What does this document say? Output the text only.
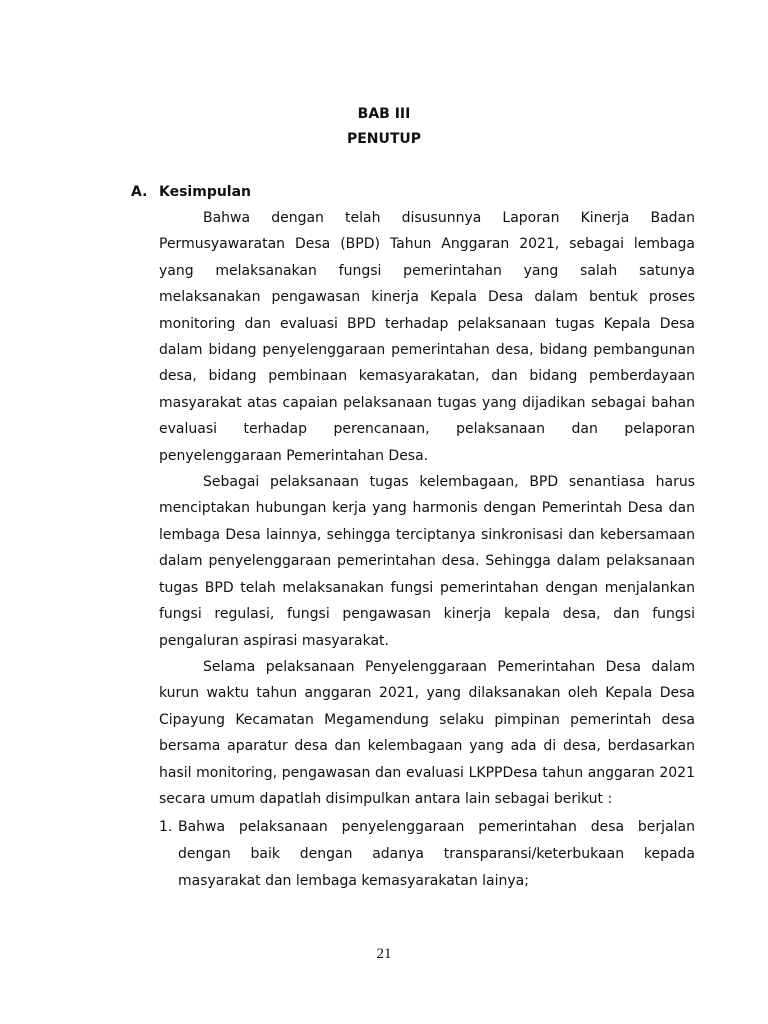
BAB III
PENUTUP
A. Kesimpulan

Bahwa dengan telah disusunnya Laporan Kinerja Badan Permusyawaratan Desa (BPD) Tahun Anggaran 2021, sebagai lembaga yang melaksanakan fungsi pemerintahan yang salah satunya melaksanakan pengawasan kinerja Kepala Desa dalam bentuk proses monitoring dan evaluasi BPD terhadap pelaksanaan tugas Kepala Desa dalam bidang penyelenggaraan pemerintahan desa, bidang pembangunan desa, bidang pembinaan kemasyarakatan, dan bidang pemberdayaan masyarakat atas capaian pelaksanaan tugas yang dijadikan sebagai bahan evaluasi terhadap perencanaan, pelaksanaan dan pelaporan penyelenggaraan Pemerintahan Desa.

Sebagai pelaksanaan tugas kelembagaan, BPD senantiasa harus menciptakan hubungan kerja yang harmonis dengan Pemerintah Desa dan lembaga Desa lainnya, sehingga terciptanya sinkronisasi dan kebersamaan dalam penyelenggaraan pemerintahan desa. Sehingga dalam pelaksanaan tugas BPD telah melaksanakan fungsi pemerintahan dengan menjalankan fungsi regulasi, fungsi pengawasan kinerja kepala desa, dan fungsi pengaluran aspirasi masyarakat.

Selama pelaksanaan Penyelenggaraan Pemerintahan Desa dalam kurun waktu tahun anggaran 2021, yang dilaksanakan oleh Kepala Desa Cipayung Kecamatan Megamendung selaku pimpinan pemerintah desa bersama aparatur desa dan kelembagaan yang ada di desa, berdasarkan hasil monitoring, pengawasan dan evaluasi LKPPDesa tahun anggaran 2021 secara umum dapatlah disimpulkan antara lain sebagai berikut :

1. Bahwa pelaksanaan penyelenggaraan pemerintahan desa berjalan dengan baik dengan adanya transparansi/keterbukaan kepada masyarakat dan lembaga kemasyarakatan lainya;
21
